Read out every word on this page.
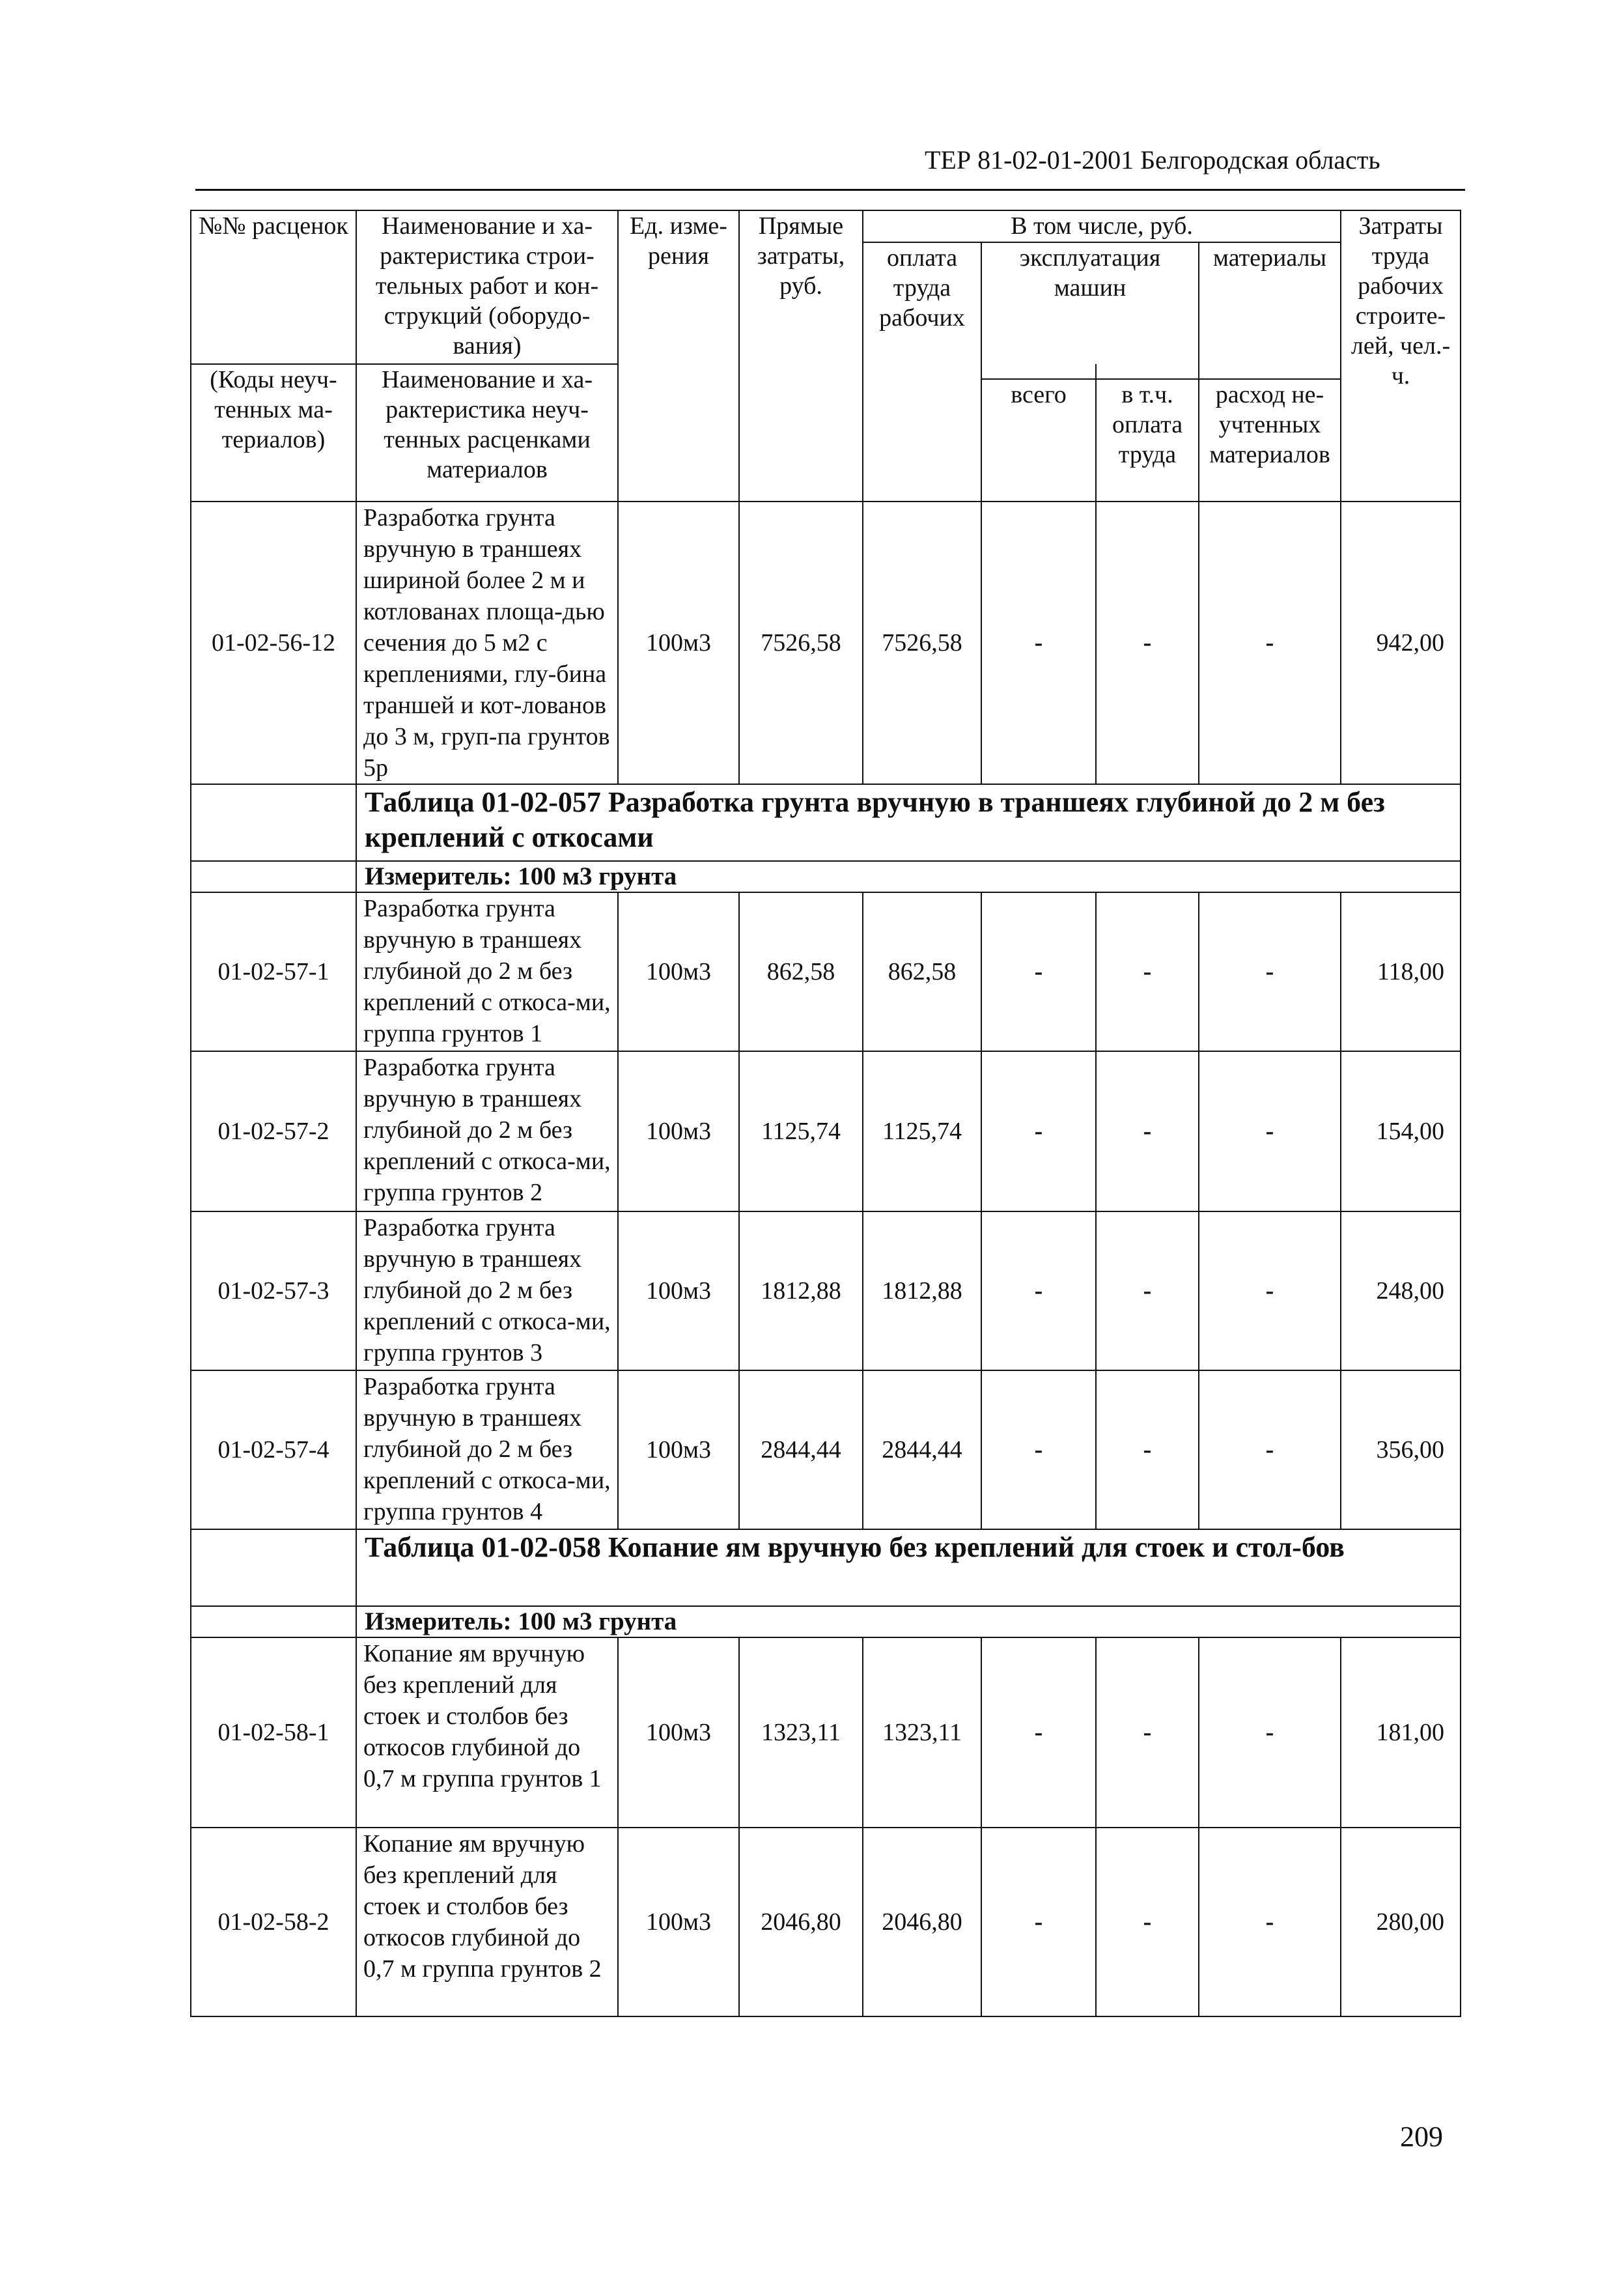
ТЕР 81-02-01-2001 Белгородская область
№№ расценок	Наименование и ха-рактеристика строи-тельных работ и кон-струкций (оборудо-вания)	Ед. изме-рения	Прямые затраты, руб.	В том числе, руб.				Затраты труда рабочих строите-лей, чел.-ч.
				оплата труда рабочих	эксплуатация машин		материалы	
(Коды неуч-тенных ма-териалов)	Наименование и ха-рактеристика неуч-тенных расценками материалов							
					всего	в т.ч. оплата труда	расход не-учтенных материалов	
01-02-56-12	Разработка грунта вручную в траншеях шириной более 2 м и котлованах площа-дью сечения до 5 м2 с креплениями, глу-бина траншей и кот-лованов до 3 м, груп-па грунтов 5р	100м3	7526,58	7526,58	-	-	-	942,00
	Таблица 01-02-057 Разработка грунта вручную в траншеях глубиной до 2 м без креплений с откосами							
	Измеритель: 100 м3 грунта							
01-02-57-1	Разработка грунта вручную в траншеях глубиной до 2 м без креплений с откоса-ми, группа грунтов 1	100м3	862,58	862,58	-	-	-	118,00
01-02-57-2	Разработка грунта вручную в траншеях глубиной до 2 м без креплений с откоса-ми, группа грунтов 2	100м3	1125,74	1125,74	-	-	-	154,00
01-02-57-3	Разработка грунта вручную в траншеях глубиной до 2 м без креплений с откоса-ми, группа грунтов 3	100м3	1812,88	1812,88	-	-	-	248,00
01-02-57-4	Разработка грунта вручную в траншеях глубиной до 2 м без креплений с откоса-ми, группа грунтов 4	100м3	2844,44	2844,44	-	-	-	356,00
	Таблица 01-02-058 Копание ям вручную без креплений для стоек и стол-бов							
	Измеритель: 100 м3 грунта							
01-02-58-1	Копание ям вручную без креплений для стоек и столбов без откосов глубиной до 0,7 м группа грунтов 1	100м3	1323,11	1323,11	-	-	-	181,00
01-02-58-2	Копание ям вручную без креплений для стоек и столбов без откосов глубиной до 0,7 м группа грунтов 2	100м3	2046,80	2046,80	-	-	-	280,00
209
